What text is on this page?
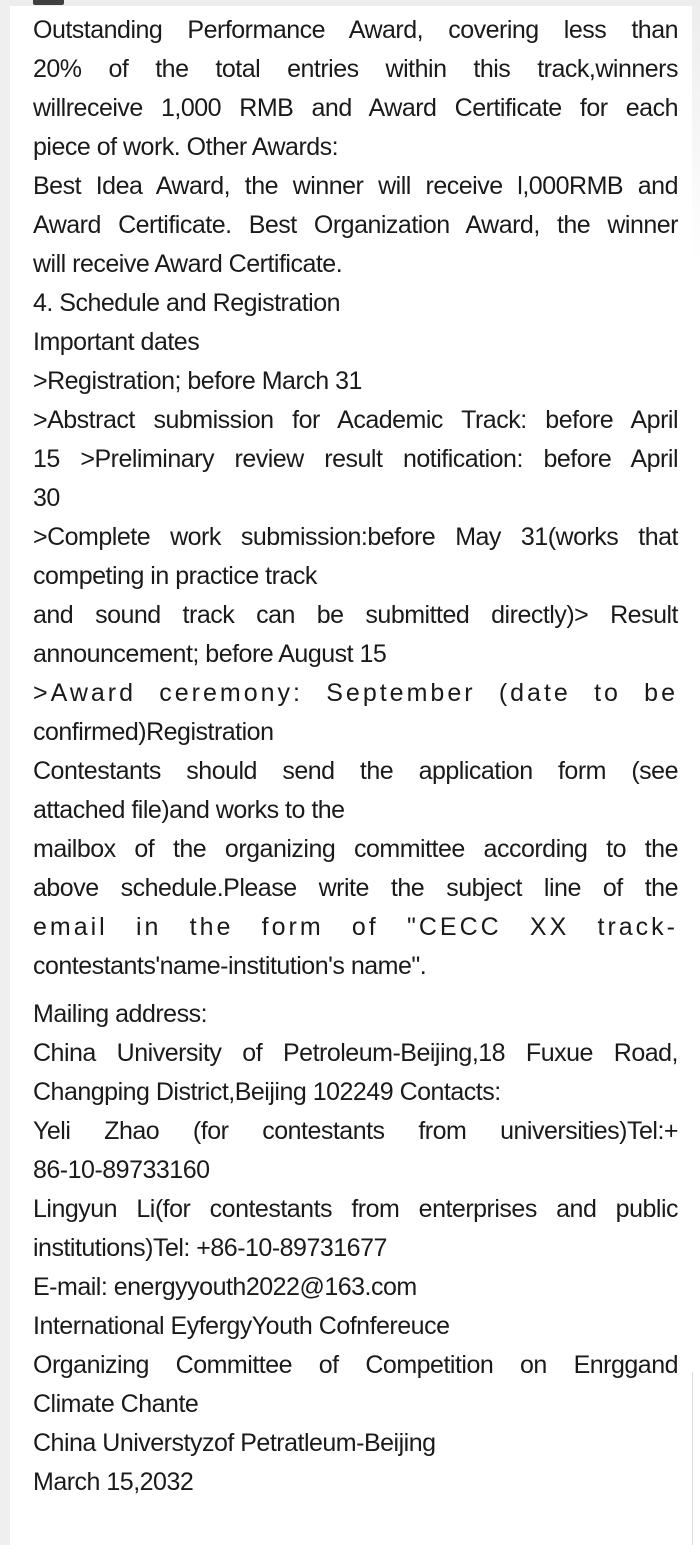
Outstanding Performance Award, covering less than
20% of the total entries within this track,winners
willreceive 1,000 RMB and Award Certificate for each
piece of work. Other Awards:
Best Idea Award, the winner will receive l,000RMB and
Award Certificate. Best Organization Award, the winner
will receive Award Certificate.
4. Schedule and Registration
Important dates
>Registration; before March 31
>Abstract submission for Academic Track: before April
15 >Preliminary review result notification: before April
30
>Complete work submission:before May 31(works that
competing in practice track
and sound track can be submitted directly)> Result
announcement; before August 15
>Award ceremony: September (date to be
confirmed)Registration
Contestants should send the application form (see
attached file)and works to the
mailbox of the organizing committee according to the
above schedule.Please write the subject line of the
email in the form of "CECC XX track-
contestants'name-institution's name".
Mailing address:
China University of Petroleum-Beijing,18 Fuxue Road,
Changping District,Beijing 102249 Contacts:
Yeli Zhao (for contestants from universities)Tel:+
86-10-89733160
Lingyun Li(for contestants from enterprises and public
institutions)Tel: +86-10-89731677
E-mail: energyyouth2022@163.com
International EyfergyYouth Cofnfereuce
Organizing Committee of Competition on Enrggand
Climate Chante
China Universtyzof Petratleum-Beijing
March 15,2032
